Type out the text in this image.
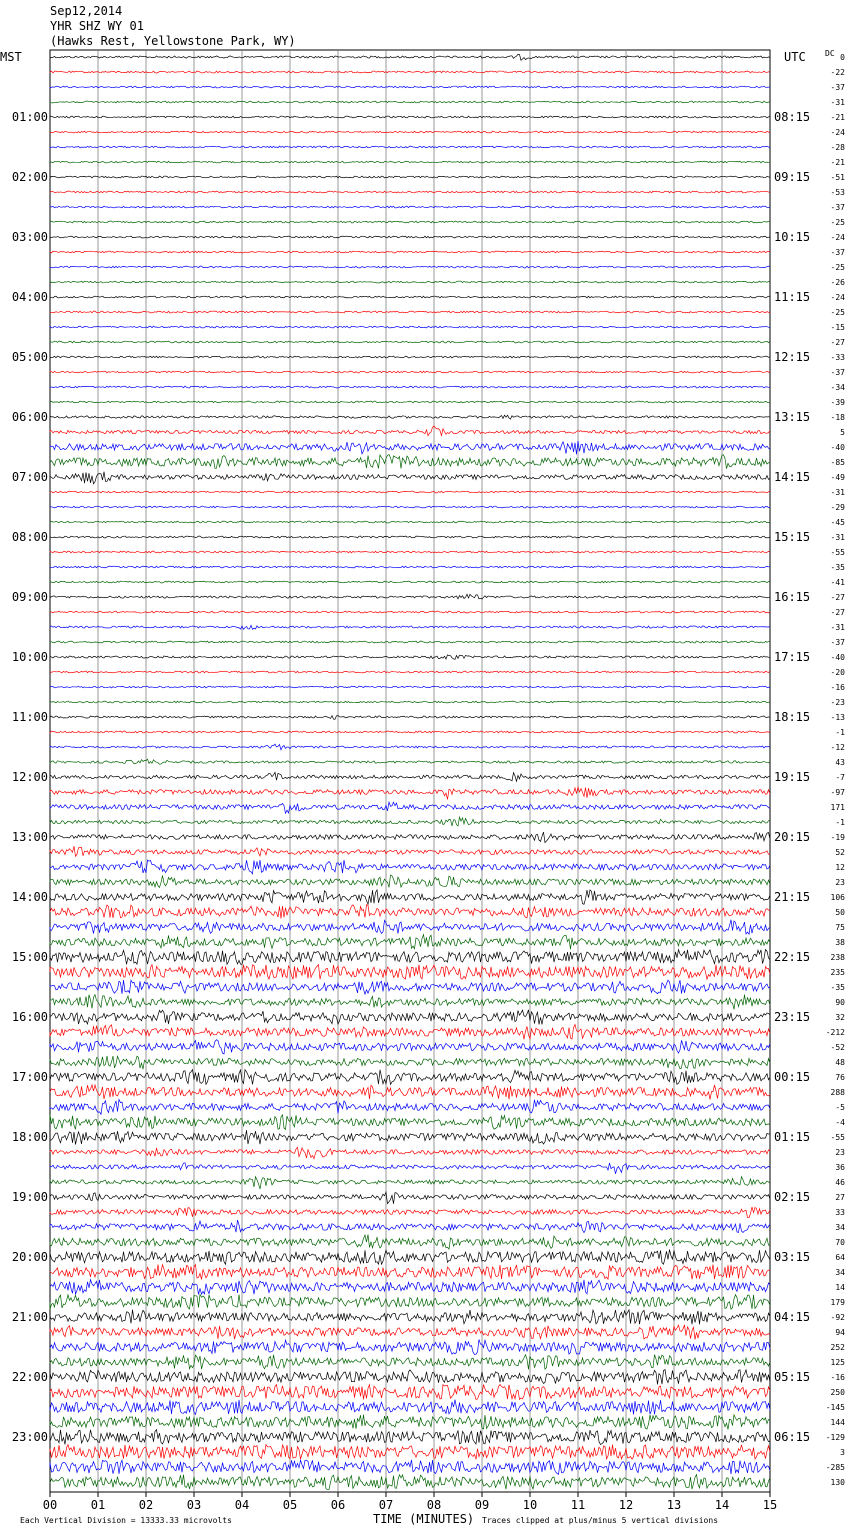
Sep12,2014
YHR SHZ WY 01
(Hawks Rest, Yellowstone Park, WY)
MST	UTC DC
01:00
02:00
03:00
04:00
05:00
06:00
07:00
08:00
09:00
10:00
11:00
12:00
13:00
14:00
15:00
16:00
17:00
18:00
19:00
20:00
21:00
22:00
23:00
08:15
09:15
10:15
11:15
12:15
13:15
14:15
15:15
16:15
17:15
18:15
19:15
20:15
21:15
22:15
23:15
00:15
01:15
02:15
03:15
04:15
05:15
06:15
0
-22
-37
-31
-21
-24
-28
-21
-51
-53
-37
-25
-24
-37
-25
-26
-24
-25
-15
-27
-33
-37
-34
-39
-18
5
-40
-85
-49
-31
-29
-45
-31
-55
-35
-41
-27
-27
-31
-37
-40
-20
-16
-23
-13
-1
-12
43
-7
-97
171
-1
-19
52
12
23
106
50
75
38
238
235
-35
90
32
-212
-52
48
76
288
-5
-4
-55
23
36
46
27
33
34
70
64
34
14
179
-92
94
252
125
-16
250
-145
144
-129
3
-285
130
00	01	02	03	04	05	06	07	08	09	10	11	12	13	14	15
Each Vertical Division = 13333.33 microvolts	TIME (MINUTES) Traces clipped at plus/minus 5 vertical divisions
